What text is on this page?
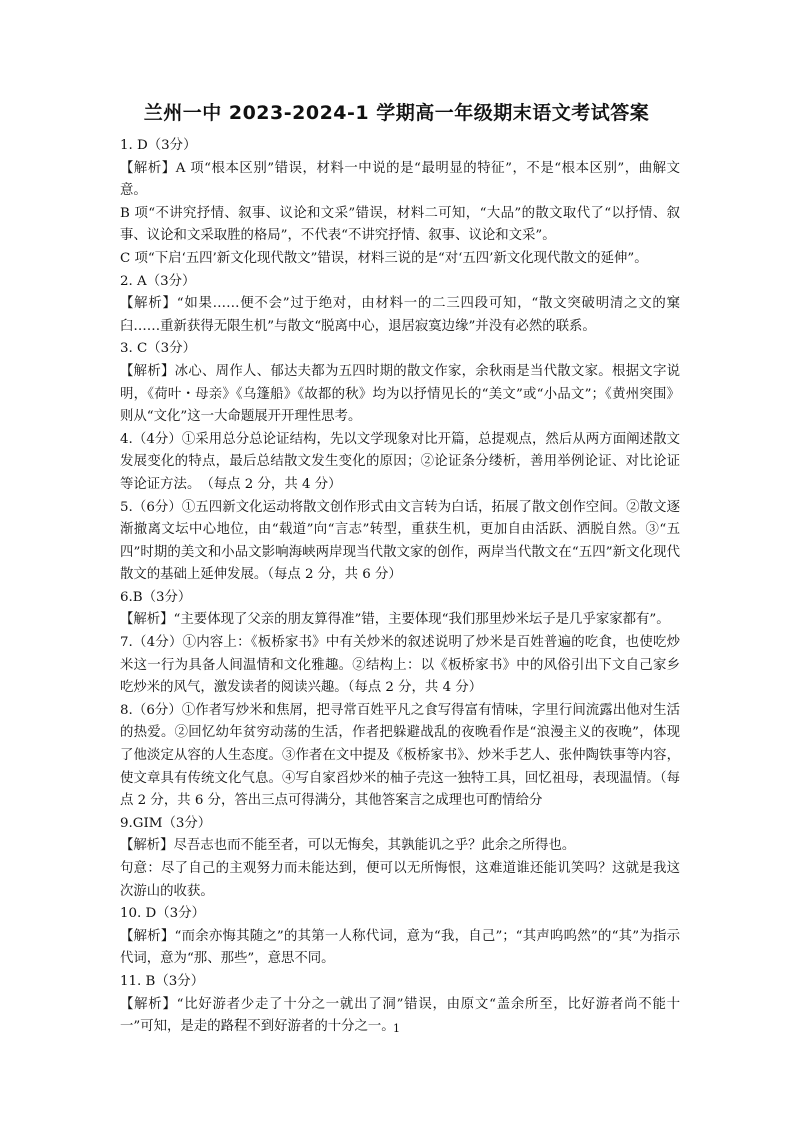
兰州一中 2023-2024-1 学期高一年级期末语文考试答案

1. D（3分）

【解析】A 项“根本区别”错误，材料一中说的是“最明显的特征”，不是“根本区别”，曲解文意。

B 项“不讲究抒情、叙事、议论和文采”错误，材料二可知，“大品”的散文取代了“以抒情、叙事、议论和文采取胜的格局”，不代表“不讲究抒情、叙事、议论和文采”。

C 项“下启‘五四’新文化现代散文”错误，材料三说的是“对‘五四’新文化现代散文的延伸”。

2. A（3分）

【解析】“如果……便不会”过于绝对，由材料一的二三四段可知，“散文突破明清之文的窠臼……重新获得无限生机”与散文“脱离中心，退居寂寞边缘”并没有必然的联系。

3. C（3分）

【解析】冰心、周作人、郁达夫都为五四时期的散文作家，余秋雨是当代散文家。根据文字说明，《荷叶・母亲》《乌篷船》《故都的秋》均为以抒情见长的“美文”或“小品文”；《黄州突围》则从“文化”这一大命题展开开理性思考。

4.（4分）①采用总分总论证结构，先以文学现象对比开篇，总提观点，然后从两方面阐述散文发展变化的特点，最后总结散文发生变化的原因；②论证条分缕析，善用举例论证、对比论证等论证方法。　（每点 2 分，共 4 分）

5.（6分）①五四新文化运动将散文创作形式由文言转为白话，拓展了散文创作空间。②散文逐渐撤离文坛中心地位，由“载道”向“言志”转型，重获生机，更加自由活跃、洒脱自然。③“五四”时期的美文和小品文影响海峡两岸现当代散文家的创作，两岸当代散文在“五四”新文化现代散文的基础上延伸发展。（每点 2 分，共 6 分）

6.B（3分）

【解析】“主要体现了父亲的朋友算得准”错，主要体现“我们那里炒米坛子是几乎家家都有”。

7.（4分）①内容上：《板桥家书》中有关炒米的叙述说明了炒米是百姓普遍的吃食，也使吃炒米这一行为具备人间温情和文化雅趣。②结构上：以《板桥家书》中的风俗引出下文自己家乡吃炒米的风气，激发读者的阅读兴趣。（每点 2 分，共 4 分）

8.（6分）①作者写炒米和焦屑，把寻常百姓平凡之食写得富有情味，字里行间流露出他对生活的热爱。②回忆幼年贫穷动荡的生活，作者把躲避战乱的夜晚看作是“浪漫主义的夜晚”，体现了他淡定从容的人生态度。③作者在文中提及《板桥家书》、炒米手艺人、张仲陶铁事等内容，使文章具有传统文化气息。④写自家舀炒米的柚子壳这一独特工具，回忆祖母，表现温情。（每点 2 分，共 6 分，答出三点可得满分，其他答案言之成理也可酌情给分

9.GIM（3分）

【解析】尽吾志也而不能至者，可以无悔矣，其孰能讥之乎？此余之所得也。

句意：尽了自己的主观努力而未能达到，便可以无所悔恨，这难道谁还能讥笑吗？这就是我这次游山的收获。

10. D（3分）

【解析】“而余亦悔其随之”的其第一人称代词，意为“我，自己”；“其声呜呜然”的“其”为指示代词，意为“那、那些”，意思不同。

11. B（3分）

【解析】“比好游者少走了十分之一就出了洞”错误，由原文“盖余所至，比好游者尚不能十一”可知，是走的路程不到好游者的十分之一。

1
